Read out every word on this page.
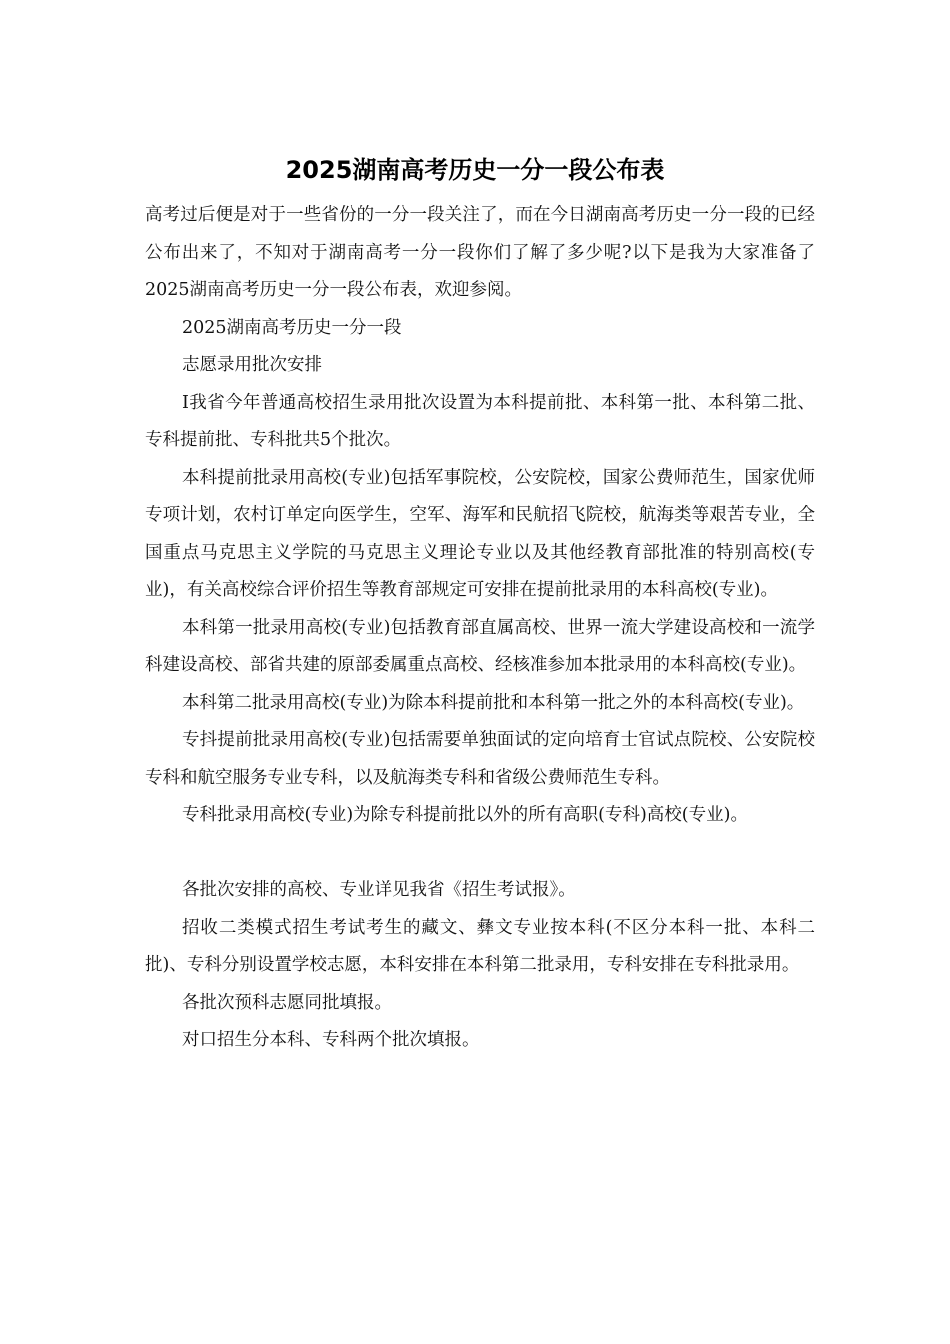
2025湖南高考历史一分一段公布表

高考过后便是对于一些省份的一分一段关注了，而在今日湖南高考历史一分一段的已经公布出来了，不知对于湖南高考一分一段你们了解了多少呢?以下是我为大家准备了2025湖南高考历史一分一段公布表，欢迎参阅。

2025湖南高考历史一分一段

志愿录用批次安排

I我省今年普通高校招生录用批次设置为本科提前批、本科第一批、本科第二批、专科提前批、专科批共5个批次。

本科提前批录用高校(专业)包括军事院校，公安院校，国家公费师范生，国家优师专项计划，农村订单定向医学生，空军、海军和民航招飞院校，航海类等艰苦专业，全国重点马克思主义学院的马克思主义理论专业以及其他经教育部批准的特别高校(专业)，有关高校综合评价招生等教育部规定可安排在提前批录用的本科高校(专业)。

本科第一批录用高校(专业)包括教育部直属高校、世界一流大学建设高校和一流学科建设高校、部省共建的原部委属重点高校、经核准参加本批录用的本科高校(专业)。

本科第二批录用高校(专业)为除本科提前批和本科第一批之外的本科高校(专业)。

专抖提前批录用高校(专业)包括需要单独面试的定向培育士官试点院校、公安院校专科和航空服务专业专科，以及航海类专科和省级公费师范生专科。

专科批录用高校(专业)为除专科提前批以外的所有高职(专科)高校(专业)。

各批次安排的高校、专业详见我省《招生考试报》。

招收二类模式招生考试考生的藏文、彝文专业按本科(不区分本科一批、本科二批)、专科分别设置学校志愿，本科安排在本科第二批录用，专科安排在专科批录用。

各批次预科志愿同批填报。

对口招生分本科、专科两个批次填报。
